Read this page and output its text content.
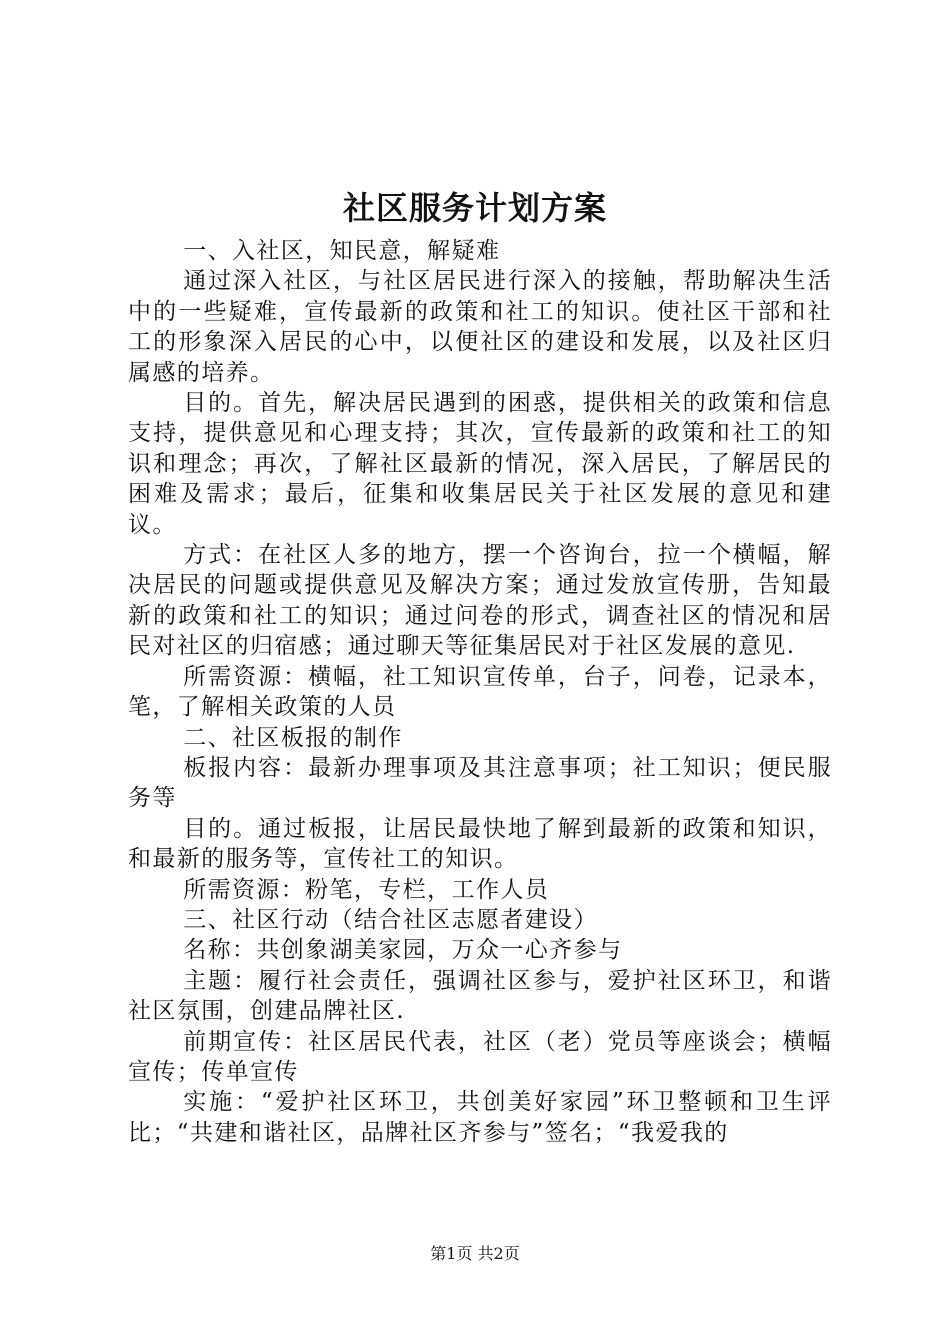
社区服务计划方案

一、入社区，知民意，解疑难

通过深入社区，与社区居民进行深入的接触，帮助解决生活中的一些疑难，宣传最新的政策和社工的知识。使社区干部和社工的形象深入居民的心中，以便社区的建设和发展，以及社区归属感的培养。

目的。首先，解决居民遇到的困惑，提供相关的政策和信息支持，提供意见和心理支持；其次，宣传最新的政策和社工的知识和理念；再次，了解社区最新的情况，深入居民，了解居民的困难及需求；最后，征集和收集居民关于社区发展的意见和建议。

方式：在社区人多的地方，摆一个咨询台，拉一个横幅，解决居民的问题或提供意见及解决方案；通过发放宣传册，告知最新的政策和社工的知识；通过问卷的形式，调查社区的情况和居民对社区的归宿感；通过聊天等征集居民对于社区发展的意见.

所需资源：横幅，社工知识宣传单，台子，问卷，记录本，笔，了解相关政策的人员

二、社区板报的制作

板报内容：最新办理事项及其注意事项；社工知识；便民服务等

目的。通过板报，让居民最快地了解到最新的政策和知识，和最新的服务等，宣传社工的知识。

所需资源：粉笔，专栏，工作人员

三、社区行动（结合社区志愿者建设）

名称：共创象湖美家园，万众一心齐参与

主题：履行社会责任，强调社区参与，爱护社区环卫，和谐社区氛围，创建品牌社区.

前期宣传：社区居民代表，社区（老）党员等座谈会；横幅宣传；传单宣传

实施：“爱护社区环卫，共创美好家园”环卫整顿和卫生评比；“共建和谐社区，品牌社区齐参与”签名；“我爱我的

第1页 共2页
